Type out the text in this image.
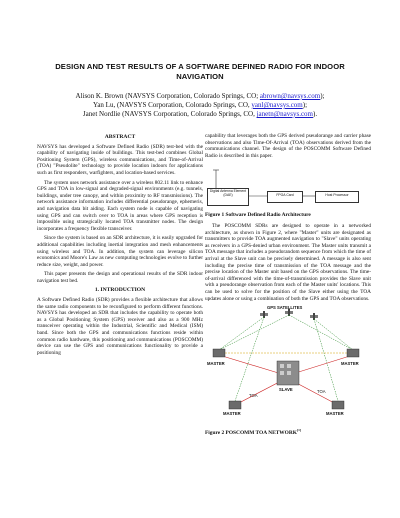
DESIGN AND TEST RESULTS OF A SOFTWARE DEFINED RADIO FOR INDOOR
NAVIGATION
Alison K. Brown (NAVSYS Corporation, Colorado Springs, CO; abrown@navsys.com);
Yan Lu, (NAVSYS Corporation, Colorado Springs, CO, yanl@navsys.com);
Janet Nordlie (NAVSYS Corporation, Colorado Springs, CO, janetn@navsys.com).
ABSTRACT

NAVSYS has developed a Software Defined Radio (SDR) test-bed with the capability of navigating inside of buildings. This test-bed combines Global Positioning System (GPS), wireless communications, and Time-of-Arrival (TOA) "Pseudolite" technology to provide location indoors for applications such as first responders, warfighters, and location-based services.

The system uses network assistance over a wireless 802.11 link to enhance GPS and TOA in low-signal and degraded-signal environments (e.g. tunnels, buildings, under tree canopy, and within proximity to RF transmissions). The network assistance information includes differential pseudorange, ephemeris, and navigation data bit aiding. Each system node is capable of navigating using GPS and can switch over to TOA in areas where GPS reception is impossible using strategically located TOA transmitter nodes. The design incorporates a frequency flexible transceiver.

Since the system is based on an SDR architecture, it is easily upgraded for additional capabilities including inertial integration and mesh enhancements using wireless and TOA. In addition, the system can leverage silicon economics and Moore's Law as new computing technologies evolve to further reduce size, weight, and power.

This paper presents the design and operational results of the SDR indoor navigation test bed.

1. INTRODUCTION

A Software Defined Radio (SDR) provides a flexible architecture that allows the same radio components to be reconfigured to perform different functions. NAVSYS has developed an SDR that includes the capability to operate both as a Global Positioning System (GPS) receiver and also as a 900 MHz transceiver operating within the Industrial, Scientific and Medical (ISM) band. Since both the GPS and communications functions reside within common radio hardware, this positioning and communications (POSCOMM) device can use the GPS and communications functionality to provide a positioning

capability that leverages both the GPS derived pseudorange and carrier phase observations and also Time-Of-Arrival (TOA) observations derived from the communications channel. The design of the POSCOMM Software Defined Radio is described in this paper.

Digital Antenna Element (DAE)	FPGA Card	Host Processor
Figure 1 Software Defined Radio Architecture

The POSCOMM SDRs are designed to operate in a networked architecture, as shown in Figure 2, where "Master" units are designated as transmitters to provide TOA augmented navigation to "Slave" units operating as receivers in a GPS-denied urban environment. The Master units transmit a TOA message that includes a pseudorandom sequence from which the time of arrival at the Slave unit can be precisely determined. A message is also sent including the precise time of transmission of the TOA message and the precise location of the Master unit based on the GPS observations. The time-of-arrival differenced with the time-of-transmission provides the Slave unit with a pseudorange observation from each of the Master units' locations. This can be used to solve for the position of the Slave either using the TOA updates alone or using a combination of both the GPS and TOA observations.

GPS SATELLITES
MASTER	MASTER
MASTER	MASTER
SLAVE
TOA
TOA
Figure 2 POSCOMM TOA NETWORK[1]
